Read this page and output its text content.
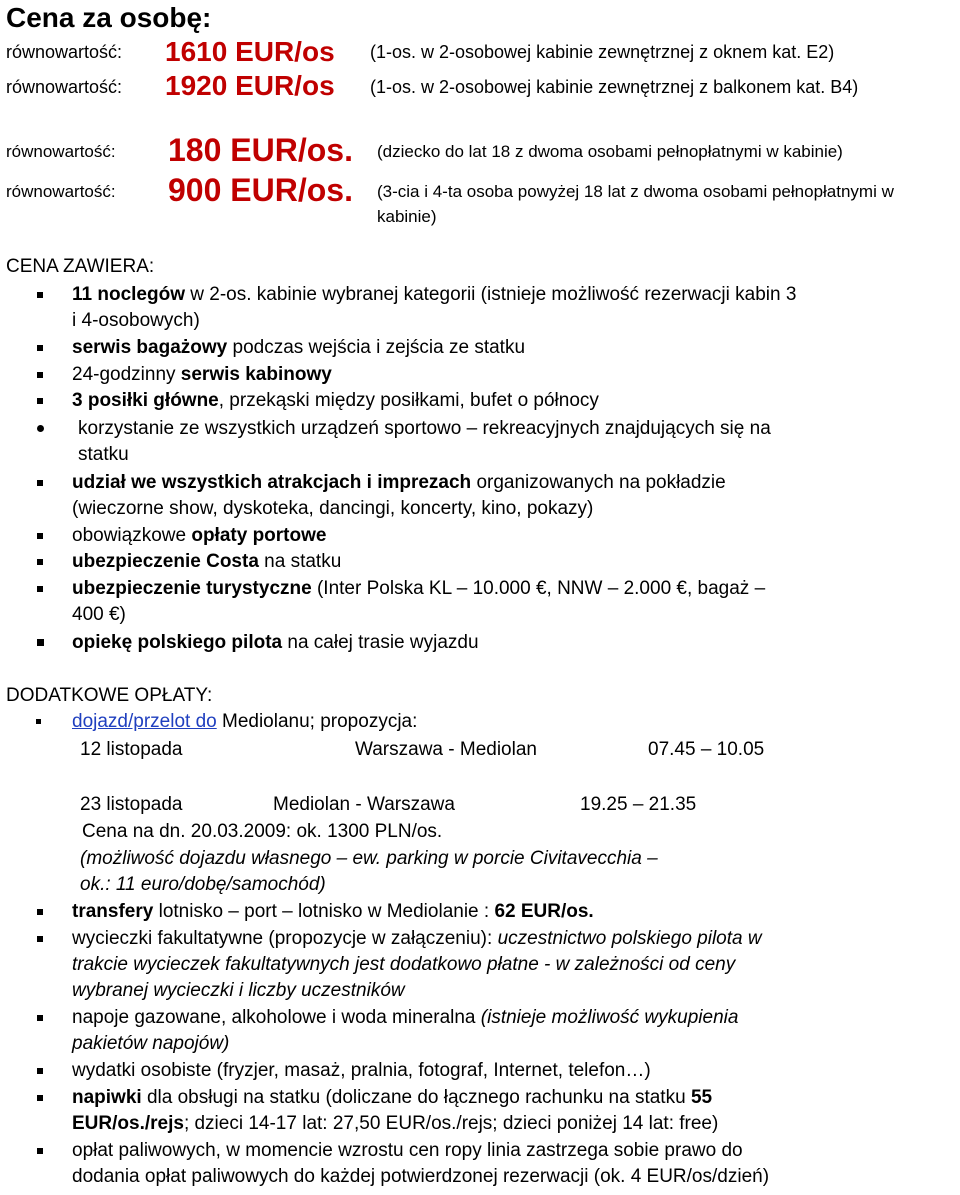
Cena za osobę:
równowartość: 1610 EUR/os (1-os. w 2-osobowej kabinie zewnętrznej z oknem kat. E2)
równowartość: 1920 EUR/os (1-os. w 2-osobowej kabinie zewnętrznej z balkonem kat. B4)
równowartość: 180 EUR/os. (dziecko do lat 18 z dwoma osobami pełnopłatnymi w kabinie)
równowartość: 900 EUR/os. (3-cia i 4-ta osoba powyżej 18 lat z dwoma osobami pełnopłatnymi w
kabinie)
CENA ZAWIERA:
11 noclegów w 2-os. kabinie wybranej kategorii (istnieje możliwość rezerwacji kabin 3
i 4-osobowych)
serwis bagażowy podczas wejścia i zejścia ze statku
24-godzinny serwis kabinowy
3 posiłki główne, przekąski między posiłkami, bufet o północy
korzystanie ze wszystkich urządzeń sportowo – rekreacyjnych znajdujących się na
statku
udział we wszystkich atrakcjach i imprezach organizowanych na pokładzie
(wieczorne show, dyskoteka, dancingi, koncerty, kino, pokazy)
obowiązkowe opłaty portowe
ubezpieczenie Costa na statku
ubezpieczenie turystyczne (Inter Polska KL – 10.000 €, NNW – 2.000 €, bagaż –
400 €)
opiekę polskiego pilota na całej trasie wyjazdu
DODATKOWE OPŁATY:
dojazd/przelot do Mediolanu; propozycja:
12 listopada	Warszawa - Mediolan	07.45 – 10.05
23 listopada	Mediolan - Warszawa	19.25 – 21.35
Cena na dn. 20.03.2009: ok. 1300 PLN/os.
(możliwość dojazdu własnego – ew. parking w porcie Civitavecchia –
ok.: 11 euro/dobę/samochód)
transfery lotnisko – port – lotnisko w Mediolanie : 62 EUR/os.
wycieczki fakultatywne (propozycje w załączeniu): uczestnictwo polskiego pilota w
trakcie wycieczek fakultatywnych jest dodatkowo płatne - w zależności od ceny
wybranej wycieczki i liczby uczestników
napoje gazowane, alkoholowe i woda mineralna (istnieje możliwość wykupienia
pakietów napojów)
wydatki osobiste (fryzjer, masaż, pralnia, fotograf, Internet, telefon…)
napiwki dla obsługi na statku (doliczane do łącznego rachunku na statku 55
EUR/os./rejs; dzieci 14-17 lat: 27,50 EUR/os./rejs; dzieci poniżej 14 lat: free)
opłat paliwowych, w momencie wzrostu cen ropy linia zastrzega sobie prawo do
dodania opłat paliwowych do każdej potwierdzonej rezerwacji (ok. 4 EUR/os/dzień)
